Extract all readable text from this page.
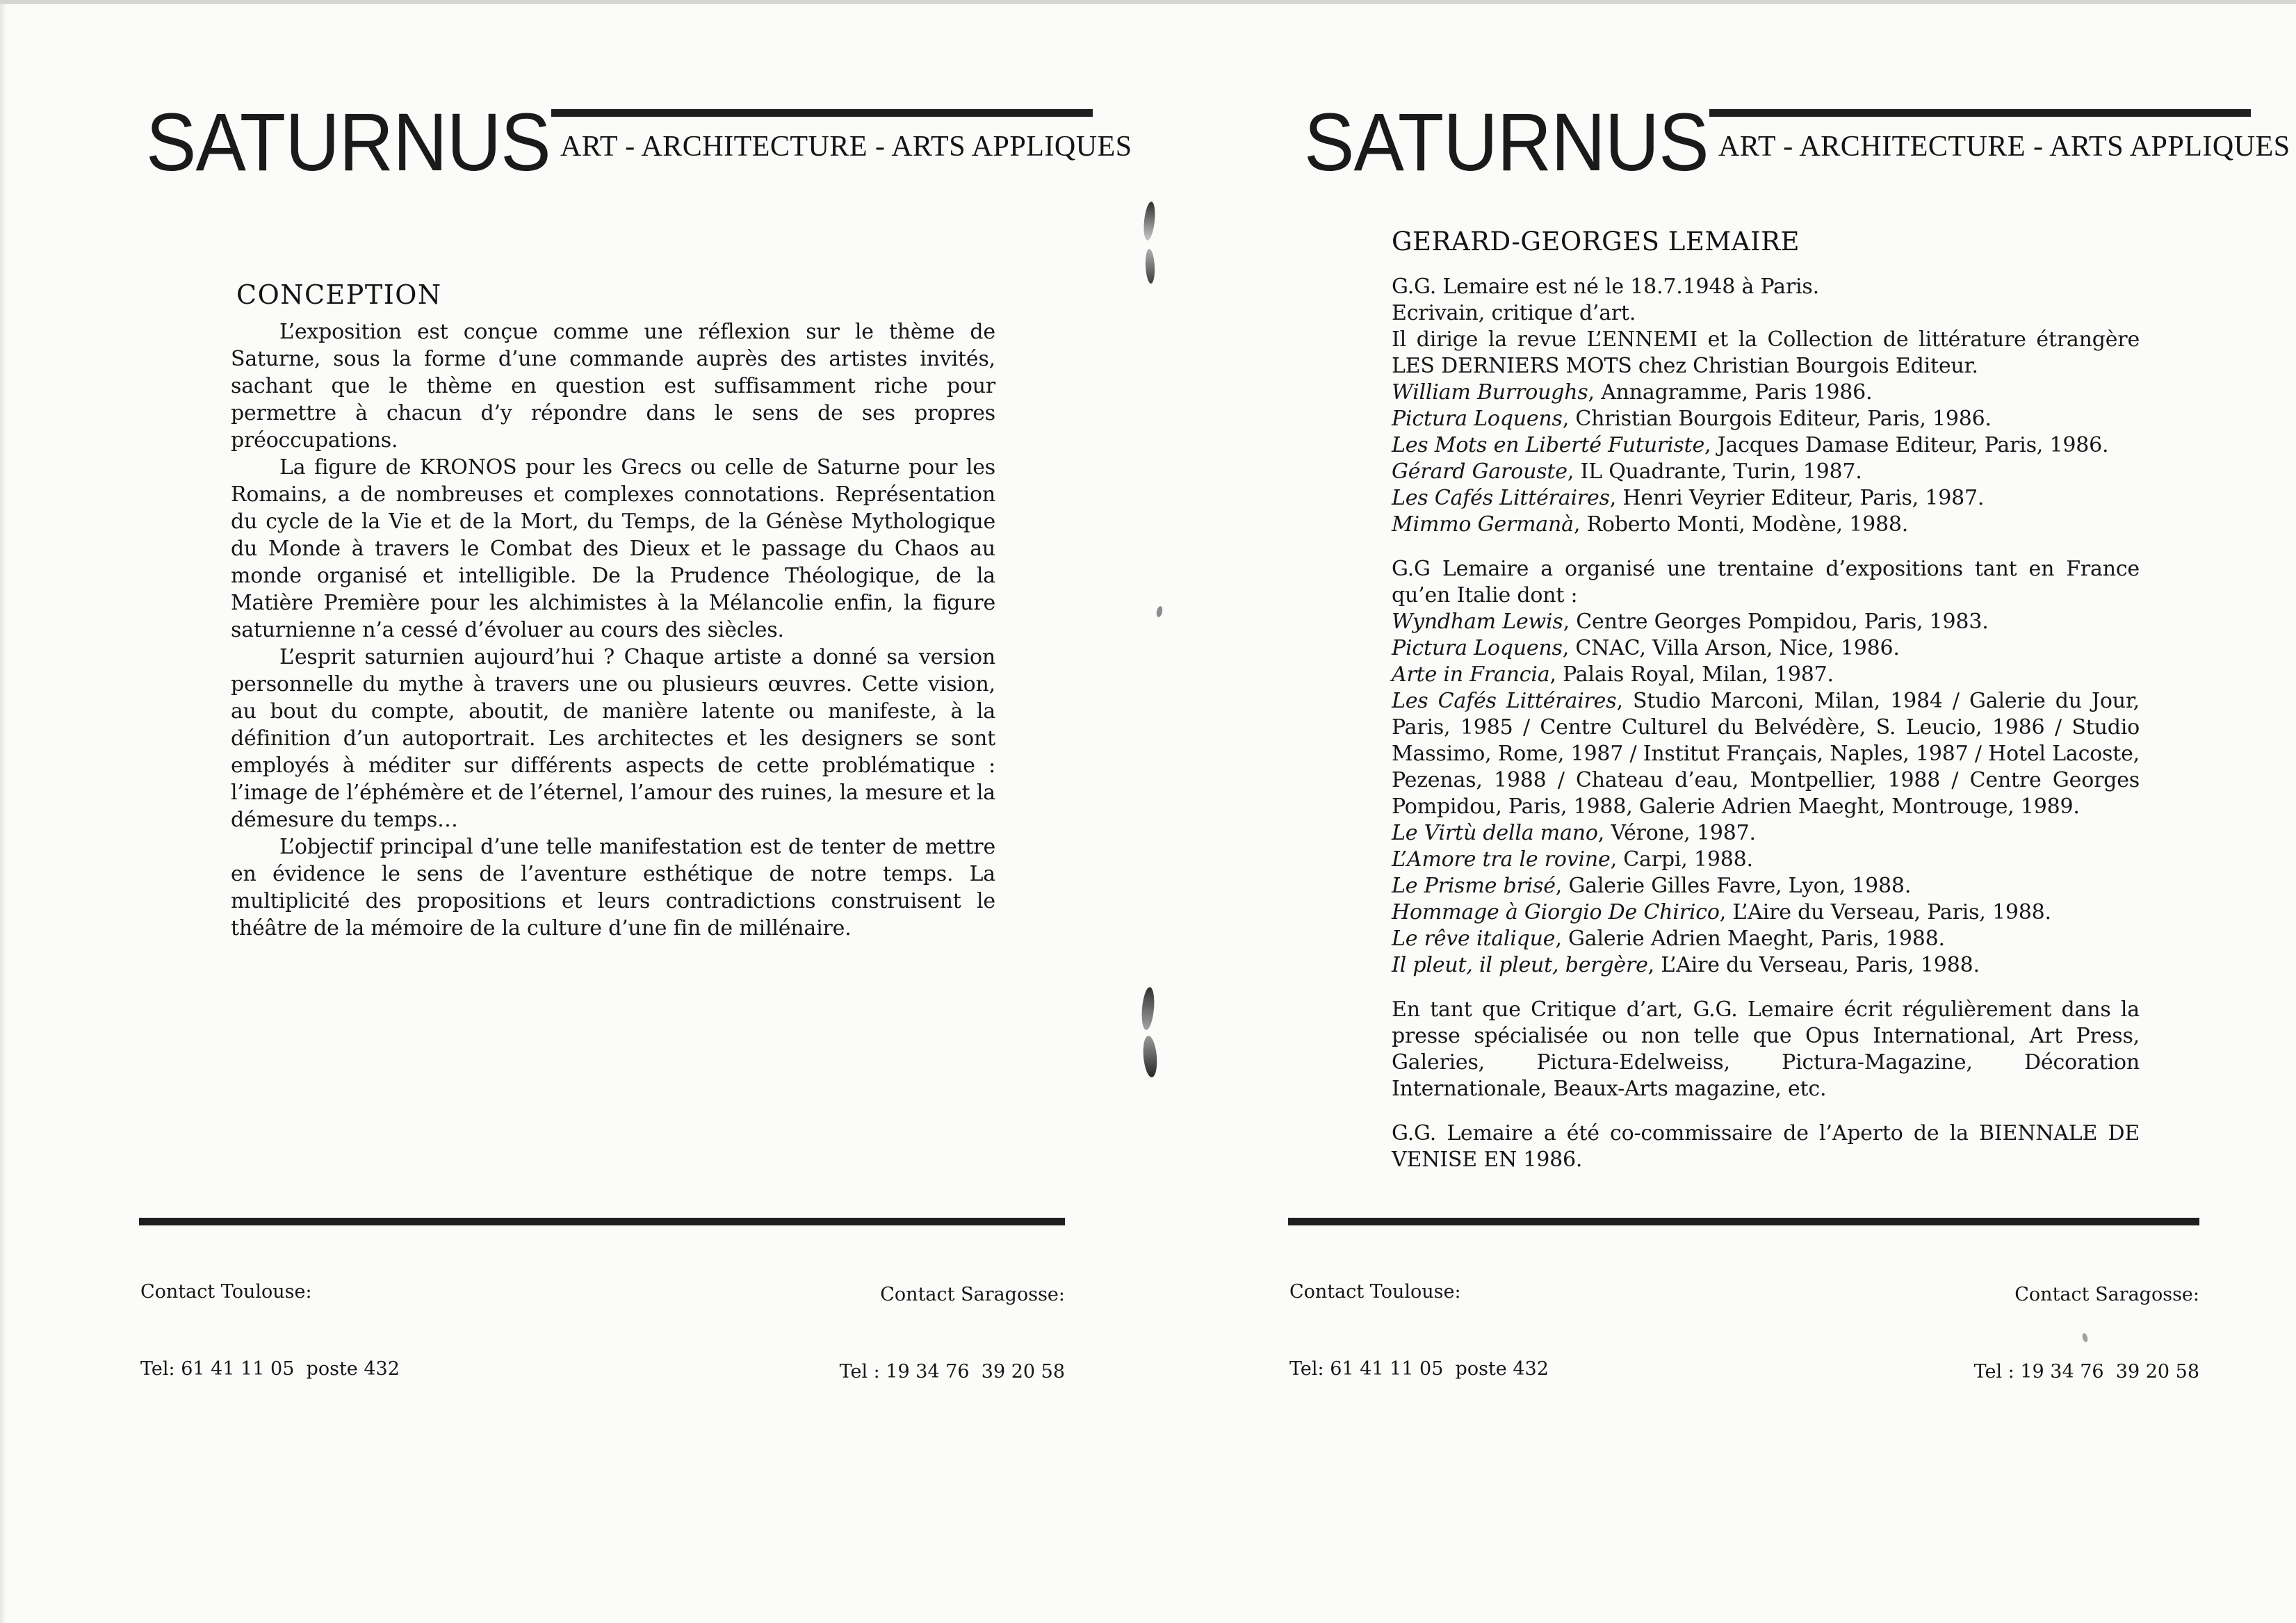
SATURNUS ART - ARCHITECTURE - ARTS APPLIQUES
CONCEPTION
L’exposition est conçue comme une réflexion sur le thème de Saturne, sous la forme d’une commande auprès des artistes invités, sachant que le thème en question est suffisamment riche pour permettre à chacun d’y répondre dans le sens de ses propres préoccupations.
La figure de KRONOS pour les Grecs ou celle de Saturne pour les Romains, a de nombreuses et complexes connotations. Représentation du cycle de la Vie et de la Mort, du Temps, de la Génèse Mythologique du Monde à travers le Combat des Dieux et le passage du Chaos au monde organisé et intelligible. De la Prudence Théologique, de la Matière Première pour les alchimistes à la Mélancolie enfin, la figure saturnienne n’a cessé d’évoluer au cours des siècles.
L’esprit saturnien aujourd’hui ? Chaque artiste a donné sa version personnelle du mythe à travers une ou plusieurs œuvres. Cette vision, au bout du compte, aboutit, de manière latente ou manifeste, à la définition d’un autoportrait. Les architectes et les designers se sont employés à méditer sur différents aspects de cette problématique : l’image de l’éphémère et de l’éternel, l’amour des ruines, la mesure et la démesure du temps…
L’objectif principal d’une telle manifestation est de tenter de mettre en évidence le sens de l’aventure esthétique de notre temps. La multiplicité des propositions et leurs contradictions construisent le théâtre de la mémoire de la culture d’une fin de millénaire.

Contact Toulouse:

Tel: 61 41 11 05  poste 432

Contact Saragosse:

Tel : 19 34 76  39 20 58

SATURNUS ART - ARCHITECTURE - ARTS APPLIQUES
GERARD-GEORGES LEMAIRE
G.G. Lemaire est né le 18.7.1948 à Paris.
Ecrivain, critique d’art.
Il dirige la revue L’ENNEMI et la Collection de littérature étrangère LES DERNIERS MOTS chez Christian Bourgois Editeur.
William Burroughs, Annagramme, Paris 1986.
Pictura Loquens, Christian Bourgois Editeur, Paris, 1986.
Les Mots en Liberté Futuriste, Jacques Damase Editeur, Paris, 1986.
Gérard Garouste, IL Quadrante, Turin, 1987.
Les Cafés Littéraires, Henri Veyrier Editeur, Paris, 1987.
Mimmo Germanà, Roberto Monti, Modène, 1988.

G.G Lemaire a organisé une trentaine d’expositions tant en France qu’en Italie dont :

Wyndham Lewis, Centre Georges Pompidou, Paris, 1983.
Pictura Loquens, CNAC, Villa Arson, Nice, 1986.
Arte in Francia, Palais Royal, Milan, 1987.
Les Cafés Littéraires, Studio Marconi, Milan, 1984 / Galerie du Jour, Paris, 1985 / Centre Culturel du Belvédère, S. Leucio, 1986 / Studio Massimo, Rome, 1987 / Institut Français, Naples, 1987 / Hotel Lacoste, Pezenas, 1988 / Chateau d’eau, Montpellier, 1988 / Centre Georges Pompidou, Paris, 1988, Galerie Adrien Maeght, Montrouge, 1989.
Le Virtù della mano, Vérone, 1987.
L’Amore tra le rovine, Carpi, 1988.
Le Prisme brisé, Galerie Gilles Favre, Lyon, 1988.
Hommage à Giorgio De Chirico, L’Aire du Verseau, Paris, 1988.
Le rêve italique, Galerie Adrien Maeght, Paris, 1988.
Il pleut, il pleut, bergère, L’Aire du Verseau, Paris, 1988.

En tant que Critique d’art, G.G. Lemaire écrit régulièrement dans la presse spécialisée ou non telle que Opus International, Art Press, Galeries, Pictura-Edelweiss, Pictura-Magazine, Décoration Internationale, Beaux-Arts magazine, etc.

G.G. Lemaire a été co-commissaire de l’Aperto de la BIENNALE DE VENISE EN 1986.

Contact Toulouse:

Tel: 61 41 11 05  poste 432

Contact Saragosse:

Tel : 19 34 76  39 20 58
